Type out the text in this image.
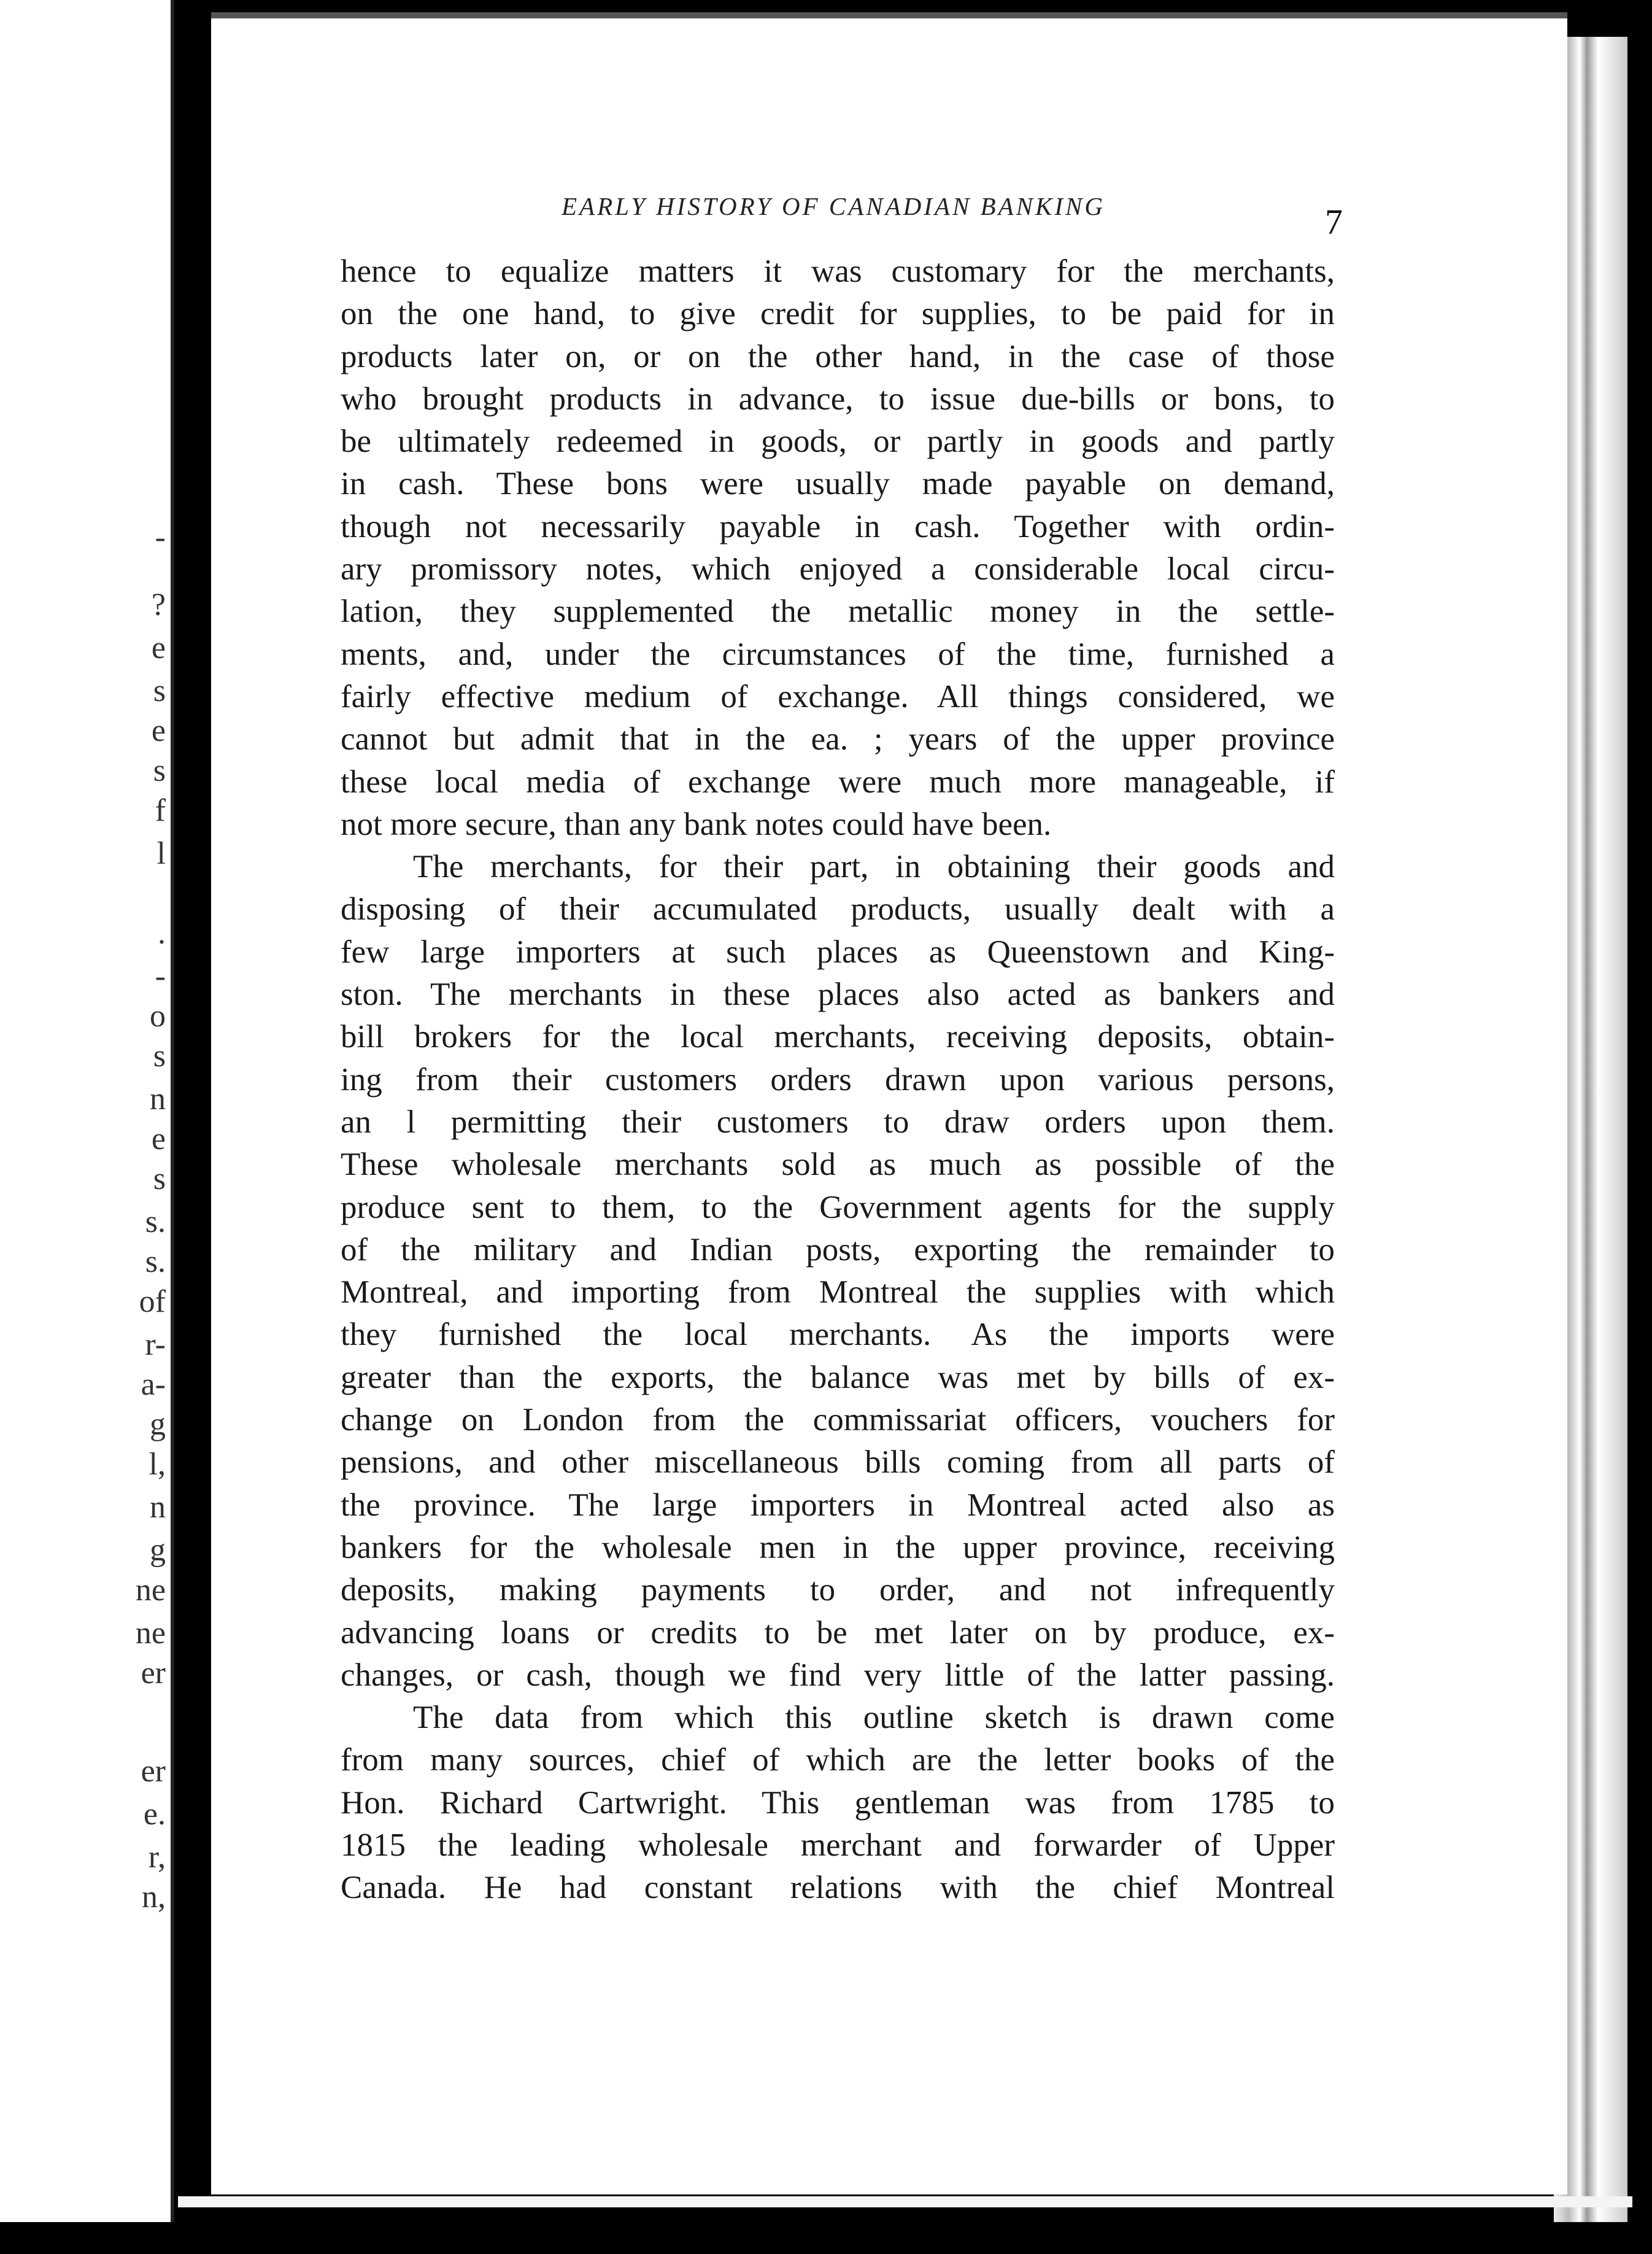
-
?
e
s
e
s
f
l
.
-
o
s
n
e
s
s.
s.
of
r-
a-
g
l,
n
g
ne
ne
er
er
e.
r,
n,
EARLY HISTORY OF CANADIAN BANKING	7
hence to equalize matters it was customary for the merchants,
on the one hand, to give credit for supplies, to be paid for in
products later on, or on the other hand, in the case of those
who brought products in advance, to issue due-bills or bons, to
be ultimately redeemed in goods, or partly in goods and partly
in cash. These bons were usually made payable on demand,
though not necessarily payable in cash. Together with ordin-
ary promissory notes, which enjoyed a considerable local circu-
lation, they supplemented the metallic money in the settle-
ments, and, under the circumstances of the time, furnished a
fairly effective medium of exchange. All things considered, we
cannot but admit that in the ea. ; years of the upper province
these local media of exchange were much more manageable, if
not more secure, than any bank notes could have been.
The merchants, for their part, in obtaining their goods and
disposing of their accumulated products, usually dealt with a
few large importers at such places as Queenstown and King-
ston. The merchants in these places also acted as bankers and
bill brokers for the local merchants, receiving deposits, obtain-
ing from their customers orders drawn upon various persons,
an l permitting their customers to draw orders upon them.
These wholesale merchants sold as much as possible of the
produce sent to them, to the Government agents for the supply
of the military and Indian posts, exporting the remainder to
Montreal, and importing from Montreal the supplies with which
they furnished the local merchants. As the imports were
greater than the exports, the balance was met by bills of ex-
change on London from the commissariat officers, vouchers for
pensions, and other miscellaneous bills coming from all parts of
the province. The large importers in Montreal acted also as
bankers for the wholesale men in the upper province, receiving
deposits, making payments to order, and not infrequently
advancing loans or credits to be met later on by produce, ex-
changes, or cash, though we find very little of the latter passing.
The data from which this outline sketch is drawn come
from many sources, chief of which are the letter books of the
Hon. Richard Cartwright. This gentleman was from 1785 to
1815 the leading wholesale merchant and forwarder of Upper
Canada. He had constant relations with the chief Montreal
